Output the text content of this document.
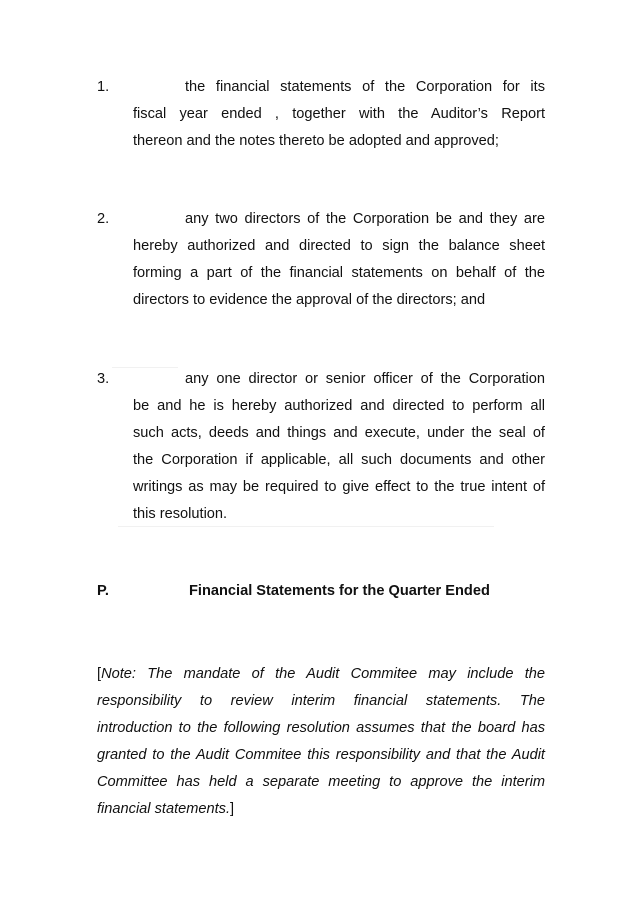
1.	the financial statements of the Corporation for its
fiscal year ended , together with the Auditor’s Report
thereon and the notes thereto be adopted and approved;
2.	any two directors of the Corporation be and they are
hereby authorized and directed to sign the balance sheet
forming a part of the financial statements on behalf of the
directors to evidence the approval of the directors; and
3.	any one director or senior officer of the Corporation
be and he is hereby authorized and directed to perform all
such acts, deeds and things and execute, under the seal of
the Corporation if applicable, all such documents and other
writings as may be required to give effect to the true intent of
this resolution.
P.	Financial Statements for the Quarter Ended
[Note: The mandate of the Audit Commitee may include the
responsibility to review interim financial statements. The
introduction to the following resolution assumes that the board has
granted to the Audit Commitee this responsibility and that the Audit
Committee has held a separate meeting to approve the interim
financial statements.]
